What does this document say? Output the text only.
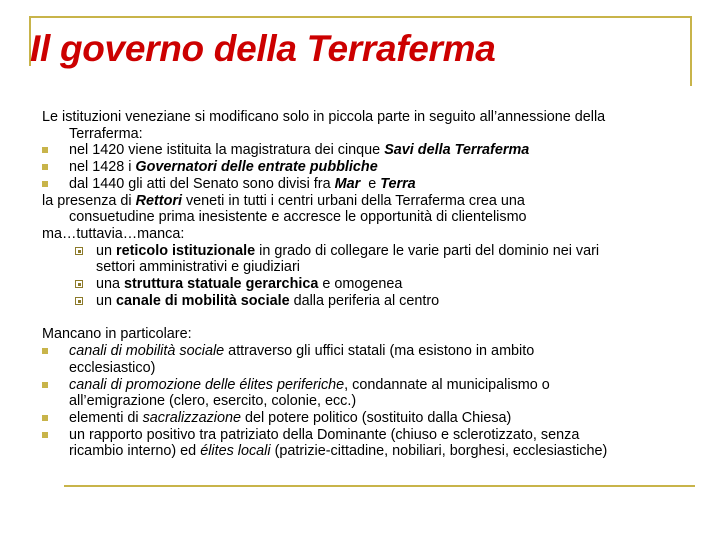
Il governo della Terraferma
Le istituzioni veneziane si modificano solo in piccola parte in seguito all’annessione della
Terraferma:
nel 1420 viene istituita la magistratura dei cinque Savi della Terraferma
nel 1428 i Governatori delle entrate pubbliche
dal 1440 gli atti del Senato sono divisi fra Mar  e Terra
la presenza di Rettori veneti in tutti i centri urbani della Terraferma crea una
consuetudine prima inesistente e accresce le opportunità di clientelismo
ma…tuttavia…manca:
un reticolo istituzionale in grado di collegare le varie parti del dominio nei vari
settori amministrativi e giudiziari
una struttura statuale gerarchica e omogenea
un canale di mobilità sociale dalla periferia al centro
Mancano in particolare:
canali di mobilità sociale attraverso gli uffici statali (ma esistono in ambito
ecclesiastico)
canali di promozione delle élites periferiche, condannate al municipalismo o
all’emigrazione (clero, esercito, colonie, ecc.)
elementi di sacralizzazione del potere politico (sostituito dalla Chiesa)
un rapporto positivo tra patriziato della Dominante (chiuso e sclerotizzato, senza
ricambio interno) ed élites locali (patrizie-cittadine, nobiliari, borghesi, ecclesiastiche)
